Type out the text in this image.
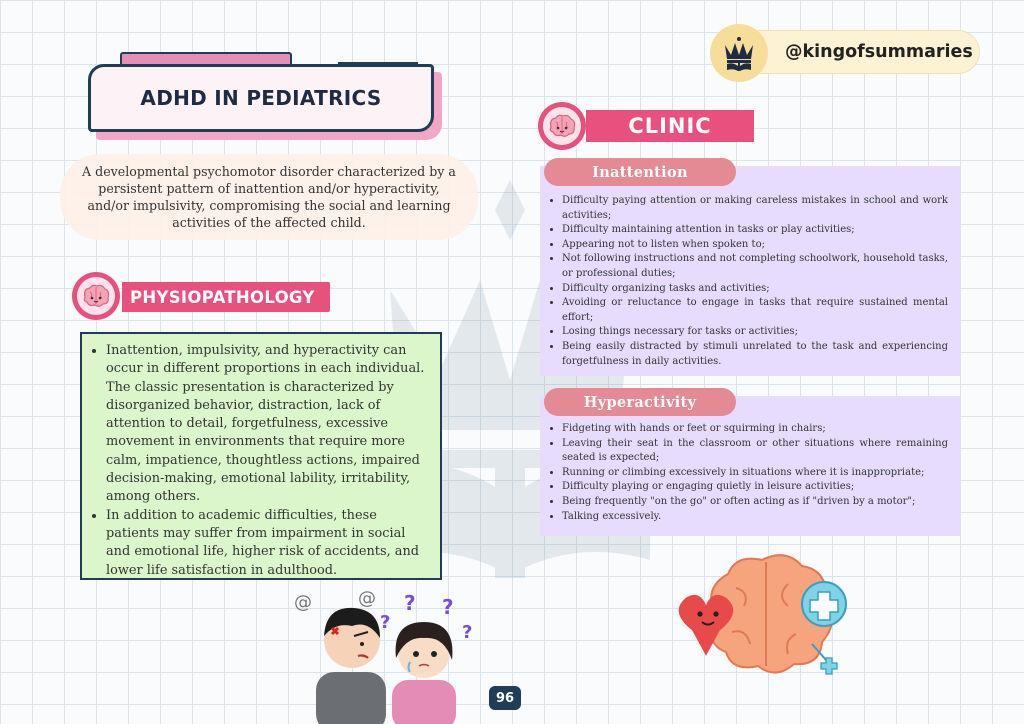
ADHD IN PEDIATRICS
A developmental psychomotor disorder characterized by a persistent pattern of inattention and/or hyperactivity, and/or impulsivity, compromising the social and learning activities of the affected child.
PHYSIOPATHOLOGY
• Inattention, impulsivity, and hyperactivity can occur in different proportions in each individual. The classic presentation is characterized by disorganized behavior, distraction, lack of attention to detail, forgetfulness, excessive movement in environments that require more calm, impatience, thoughtless actions, impaired decision-making, emotional lability, irritability, among others.
• In addition to academic difficulties, these patients may suffer from impairment in social and emotional life, higher risk of accidents, and lower life satisfaction in adulthood.
@	@ ? ?
?
?
96
@kingofsummaries
CLINIC
• Difficulty paying attention or making careless mistakes in school and work activities;
• Difficulty maintaining attention in tasks or play activities;
• Appearing not to listen when spoken to;
• Not following instructions and not completing schoolwork, household tasks, or professional duties;
• Difficulty organizing tasks and activities;
• Avoiding or reluctance to engage in tasks that require sustained mental effort;
• Losing things necessary for tasks or activities;
• Being easily distracted by stimuli unrelated to the task and experiencing forgetfulness in daily activities.
Inattention
• Fidgeting with hands or feet or squirming in chairs;
• Leaving their seat in the classroom or other situations where remaining seated is expected;
• Running or climbing excessively in situations where it is inappropriate;
• Difficulty playing or engaging quietly in leisure activities;
• Being frequently "on the go" or often acting as if "driven by a motor";
• Talking excessively.
Hyperactivity
